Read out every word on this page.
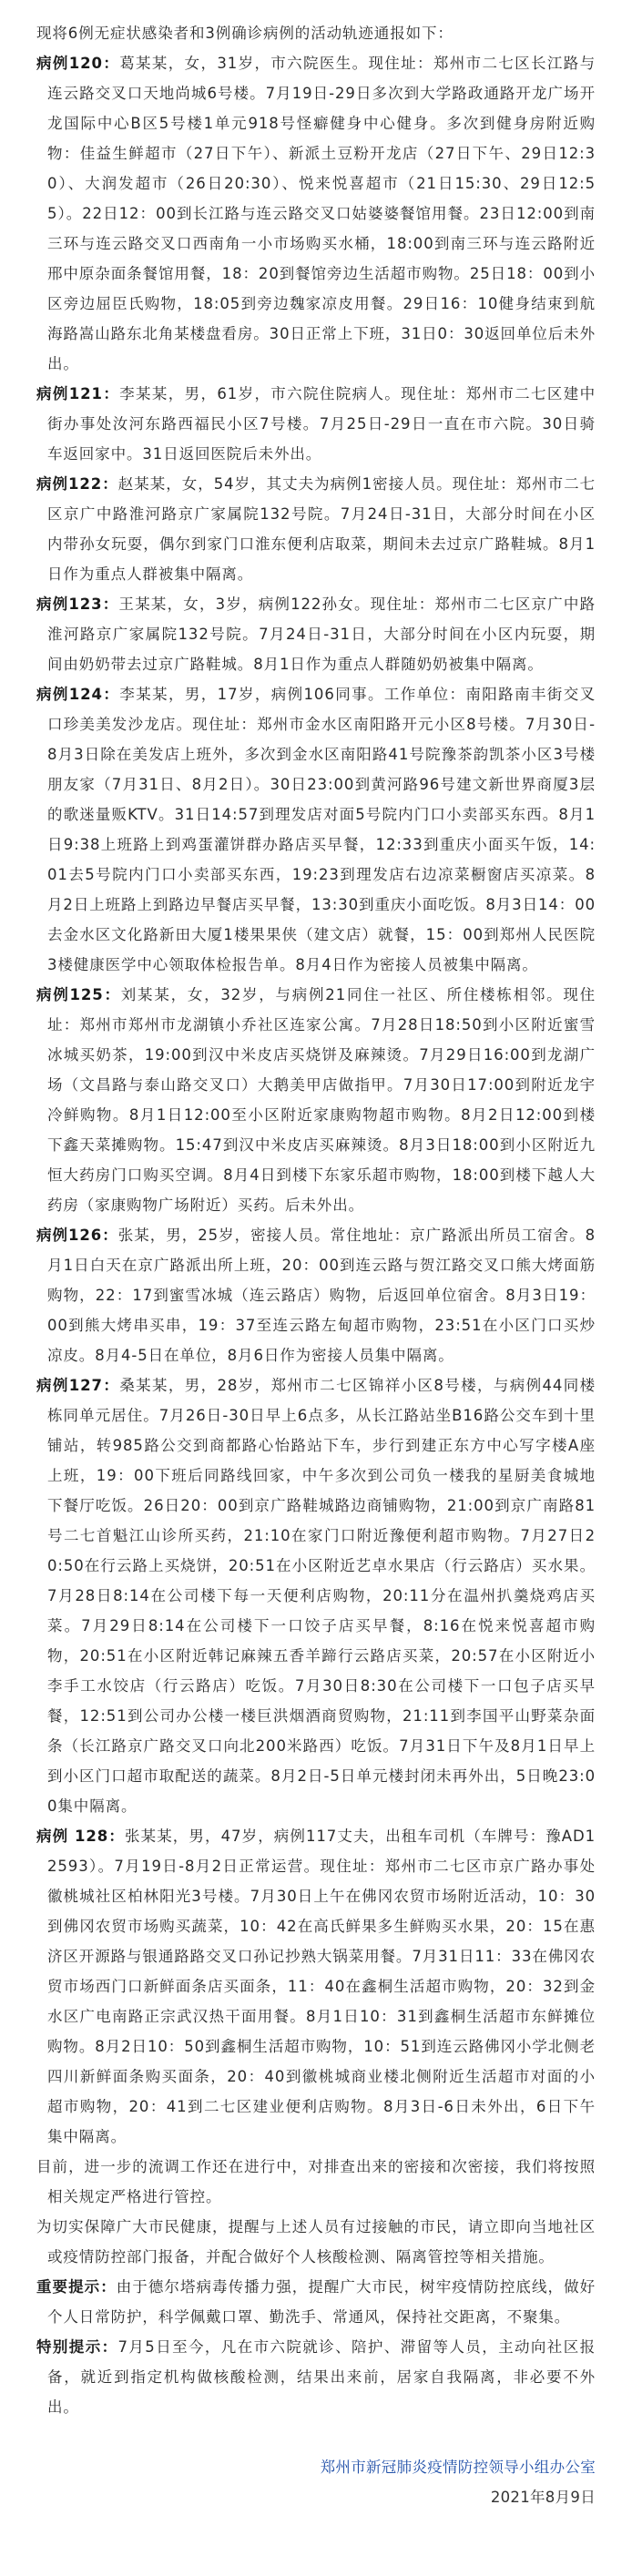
现将6例无症状感染者和3例确诊病例的活动轨迹通报如下：

病例120：葛某某，女，31岁，市六院医生。现住址：郑州市二七区长江路与连云路交叉口天地尚城6号楼。7月19日-29日多次到大学路政通路开龙广场开龙国际中心B区5号楼1单元918号怪癖健身中心健身。多次到健身房附近购物：佳益生鲜超市（27日下午）、新派土豆粉开龙店（27日下午、29日12:30）、大润发超市（26日20:30）、悦来悦喜超市（21日15:30、29日12:55）。22日12：00到长江路与连云路交叉口姑婆婆餐馆用餐。23日12:00到南三环与连云路交叉口西南角一小市场购买水桶，18:00到南三环与连云路附近邢中原杂面条餐馆用餐，18：20到餐馆旁边生活超市购物。25日18：00到小区旁边屈臣氏购物，18:05到旁边魏家凉皮用餐。29日16：10健身结束到航海路嵩山路东北角某楼盘看房。30日正常上下班，31日0：30返回单位后未外出。

病例121：李某某，男，61岁，市六院住院病人。现住址：郑州市二七区建中街办事处汝河东路西福民小区7号楼。7月25日-29日一直在市六院。30日骑车返回家中。31日返回医院后未外出。

病例122：赵某某，女，54岁，其丈夫为病例1密接人员。现住址：郑州市二七区京广中路淮河路京广家属院132号院。7月24日-31日，大部分时间在小区内带孙女玩耍，偶尔到家门口淮东便利店取菜，期间未去过京广路鞋城。8月1日作为重点人群被集中隔离。

病例123：王某某，女，3岁，病例122孙女。现住址：郑州市二七区京广中路淮河路京广家属院132号院。7月24日-31日，大部分时间在小区内玩耍，期间由奶奶带去过京广路鞋城。8月1日作为重点人群随奶奶被集中隔离。

病例124：李某某，男，17岁，病例106同事。工作单位：南阳路南丰街交叉口珍美美发沙龙店。现住址：郑州市金水区南阳路开元小区8号楼。7月30日-8月3日除在美发店上班外，多次到金水区南阳路41号院豫茶韵凯茶小区3号楼朋友家（7月31日、8月2日）。30日23:00到黄河路96号建文新世界商厦3层的歌迷量贩KTV。31日14:57到理发店对面5号院内门口小卖部买东西。8月1日9:38上班路上到鸡蛋灌饼群办路店买早餐，12:33到重庆小面买午饭，14:01去5号院内门口小卖部买东西，19:23到理发店右边凉菜橱窗店买凉菜。8月2日上班路上到路边早餐店买早餐，13:30到重庆小面吃饭。8月3日14：00去金水区文化路新田大厦1楼果果侠（建文店）就餐，15：00到郑州人民医院3楼健康医学中心领取体检报告单。8月4日作为密接人员被集中隔离。

病例125：刘某某，女，32岁，与病例21同住一社区、所住楼栋相邻。现住址：郑州市郑州市龙湖镇小乔社区连家公寓。7月28日18:50到小区附近蜜雪冰城买奶茶，19:00到汉中米皮店买烧饼及麻辣烫。7月29日16:00到龙湖广场（文昌路与泰山路交叉口）大鹅美甲店做指甲。7月30日17:00到附近龙宇冷鲜购物。8月1日12:00至小区附近家康购物超市购物。8月2日12:00到楼下鑫天菜摊购物。15:47到汉中米皮店买麻辣烫。8月3日18:00到小区附近九恒大药房门口购买空调。8月4日到楼下东家乐超市购物，18:00到楼下越人大药房（家康购物广场附近）买药。后未外出。

病例126：张某，男，25岁，密接人员。常住地址：京广路派出所员工宿舍。8月1日白天在京广路派出所上班，20：00到连云路与贺江路交叉口熊大烤面筋购物，22：17到蜜雪冰城（连云路店）购物，后返回单位宿舍。8月3日19：00到熊大烤串买串，19：37至连云路左甸超市购物，23:51在小区门口买炒凉皮。8月4-5日在单位，8月6日作为密接人员集中隔离。

病例127：桑某某，男，28岁，郑州市二七区锦祥小区8号楼，与病例44同楼栋同单元居住。7月26日-30日早上6点多，从长江路站坐B16路公交车到十里铺站，转985路公交到商都路心怡路站下车，步行到建正东方中心写字楼A座上班，19：00下班后同路线回家，中午多次到公司负一楼我的星厨美食城地下餐厅吃饭。26日20：00到京广路鞋城路边商铺购物，21:00到京广南路81号二七首魁江山诊所买药，21:10在家门口附近豫便利超市购物。7月27日20:50在行云路上买烧饼，20:51在小区附近艺卓水果店（行云路店）买水果。7月28日8:14在公司楼下每一天便利店购物，20:11分在温州扒羹烧鸡店买菜。7月29日8:14在公司楼下一口饺子店买早餐，8:16在悦来悦喜超市购物，20:51在小区附近韩记麻辣五香羊蹄行云路店买菜，20:57在小区附近小李手工水饺店（行云路店）吃饭。7月30日8:30在公司楼下一口包子店买早餐，12:51到公司办公楼一楼巨洪烟酒商贸购物，21:11到李国平山野菜杂面条（长江路京广路交叉口向北200米路西）吃饭。7月31日下午及8月1日早上到小区门口超市取配送的蔬菜。8月2日-5日单元楼封闭未再外出，5日晚23:00集中隔离。

病例 128：张某某，男，47岁，病例117丈夫，出租车司机（车牌号：豫AD12593）。7月19日-8月2日正常运营。现住址：郑州市二七区市京广路办事处徽桃城社区柏林阳光3号楼。7月30日上午在佛冈农贸市场附近活动，10：30到佛冈农贸市场购买蔬菜，10：42在高氏鲜果多生鲜购买水果，20：15在惠济区开源路与银通路路交叉口孙记抄熟大锅菜用餐。7月31日11：33在佛冈农贸市场西门口新鲜面条店买面条，11：40在鑫桐生活超市购物，20：32到金水区广电南路正宗武汉热干面用餐。8月1日10：31到鑫桐生活超市东鲜摊位购物。8月2日10：50到鑫桐生活超市购物，10：51到连云路佛冈小学北侧老四川新鲜面条购买面条，20：40到徽桃城商业楼北侧附近生活超市对面的小超市购物，20：41到二七区建业便利店购物。8月3日-6日未外出，6日下午集中隔离。

目前，进一步的流调工作还在进行中，对排查出来的密接和次密接，我们将按照相关规定严格进行管控。

为切实保障广大市民健康，提醒与上述人员有过接触的市民，请立即向当地社区或疫情防控部门报备，并配合做好个人核酸检测、隔离管控等相关措施。

重要提示：由于德尔塔病毒传播力强，提醒广大市民，树牢疫情防控底线，做好个人日常防护，科学佩戴口罩、勤洗手、常通风，保持社交距离，不聚集。

特别提示：7月5日至今，凡在市六院就诊、陪护、滞留等人员，主动向社区报备，就近到指定机构做核酸检测，结果出来前，居家自我隔离，非必要不外出。

郑州市新冠肺炎疫情防控领导小组办公室
2021年8月9日
